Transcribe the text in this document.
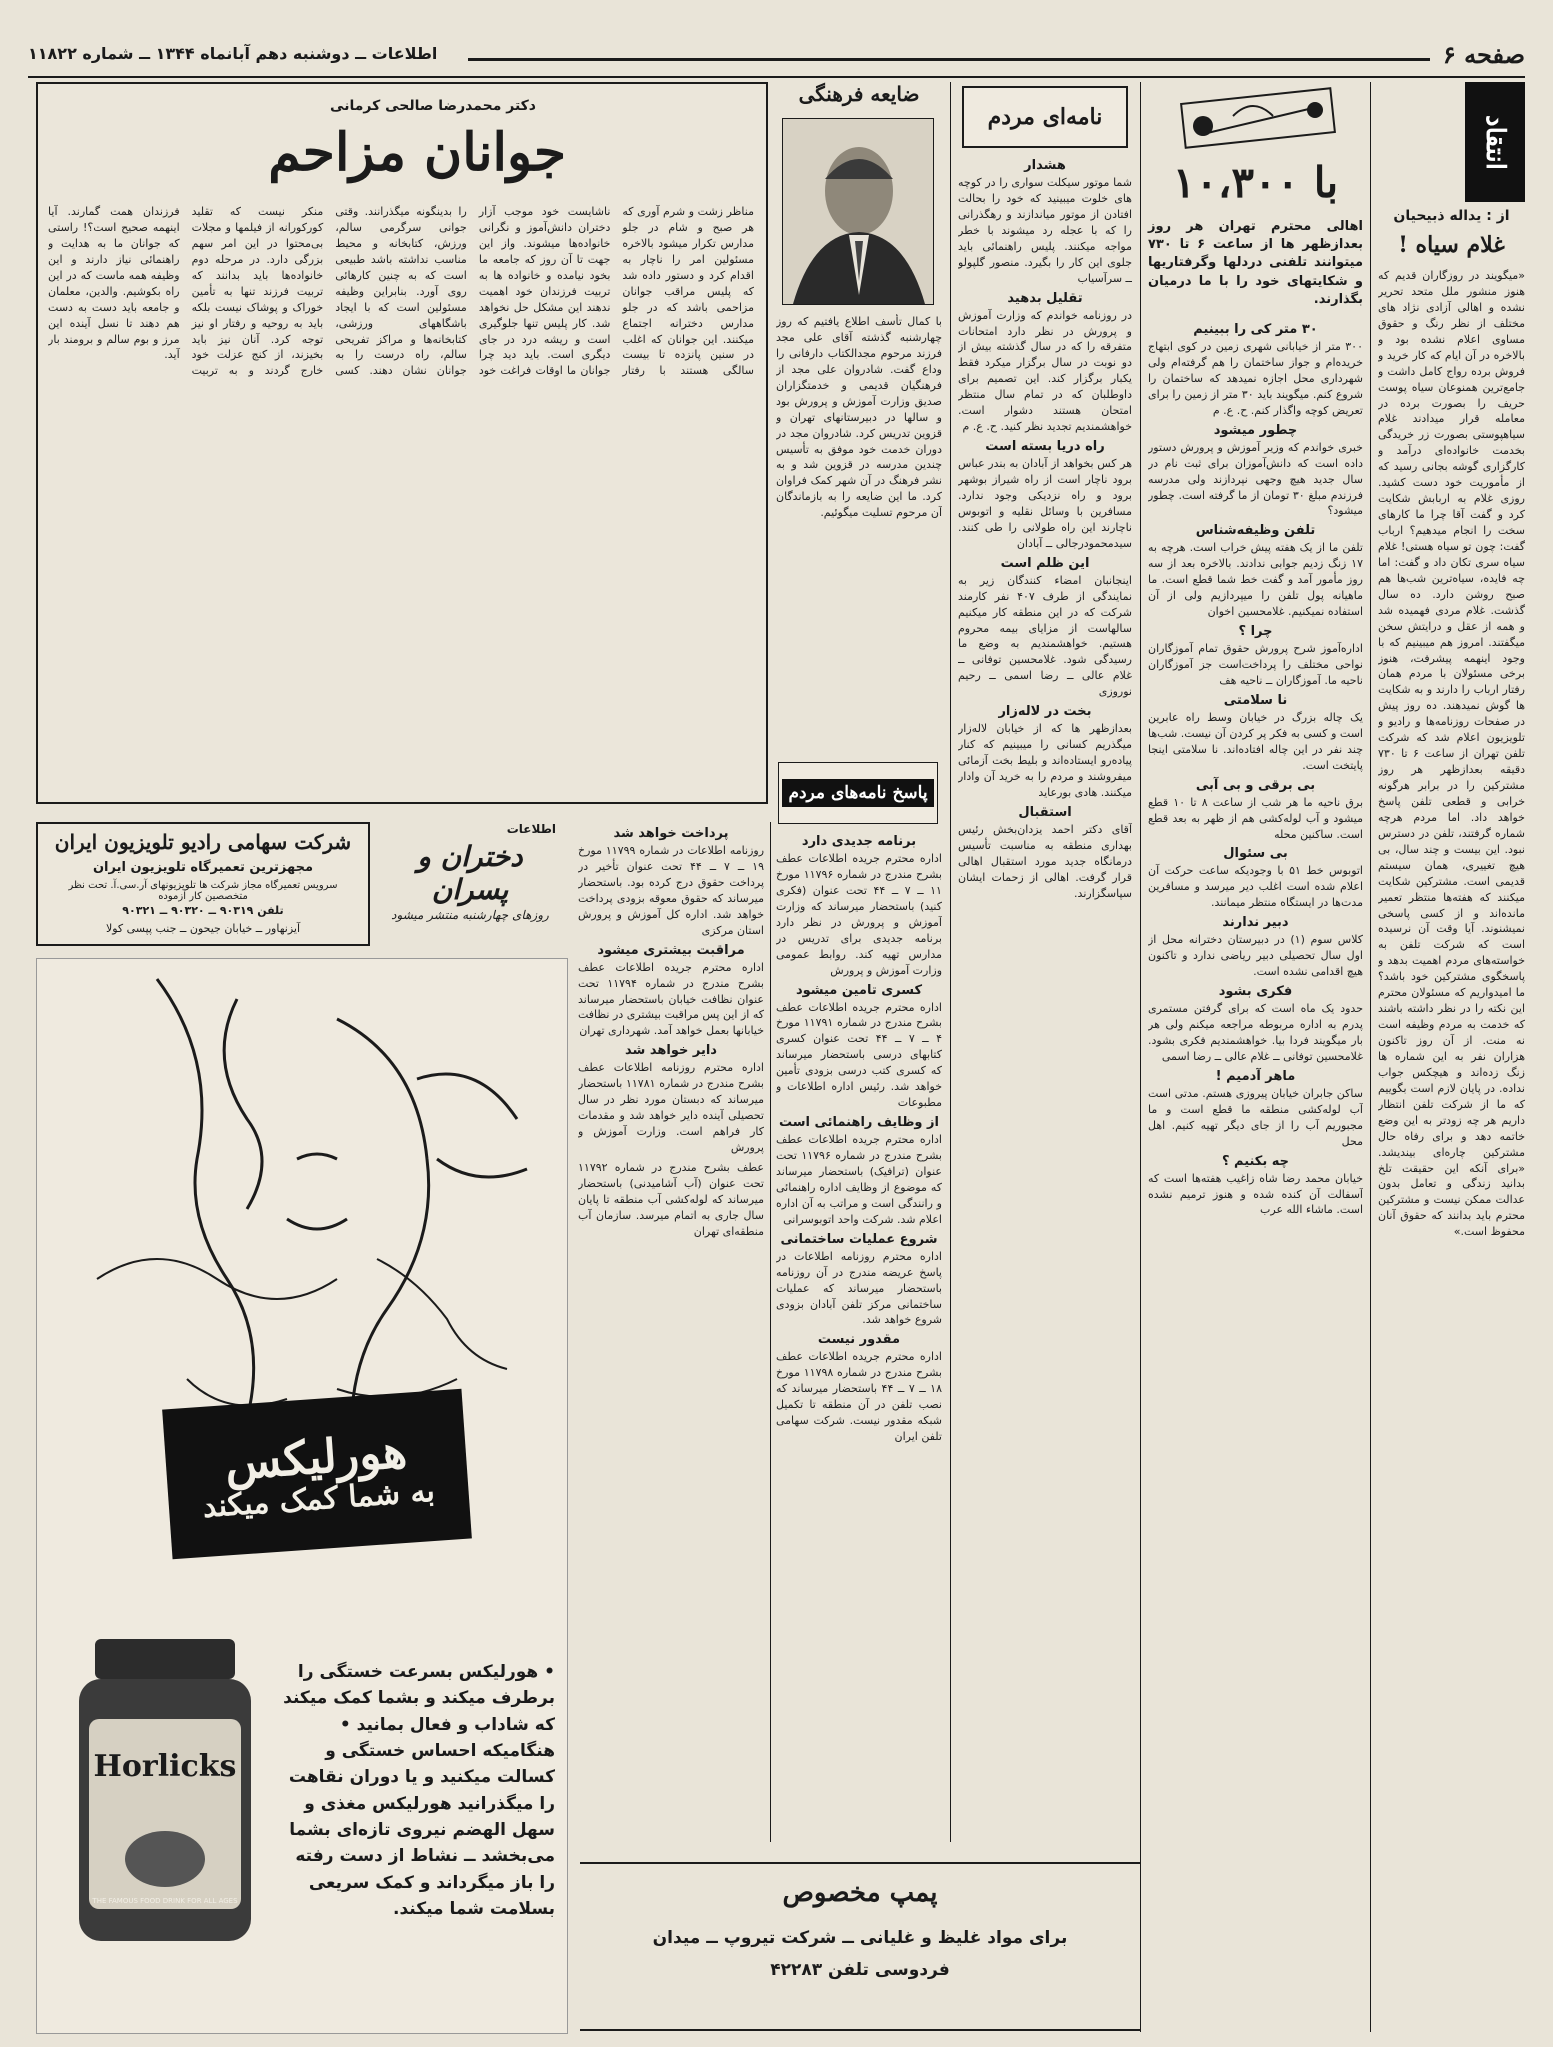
صفحه ۶
اطلاعات ــ دوشنبه دهم آبانماه ۱۳۴۴ ــ شماره ۱۱۸۲۲
انتقاد
از : یداله ذبیحیان
غلام سیاه !
«میگویند در روزگاران قدیم که هنوز منشور ملل متحد تحریر نشده و اهالی آزادی نژاد های مختلف از نظر رنگ و حقوق مساوی اعلام نشده بود و بالاخره در آن ایام که کار خرید و فروش برده رواج کامل داشت و جامع‌ترین همنوعان سیاه پوست حریف را بصورت برده در معامله قرار میدادند غلام سیاهپوستی بصورت زر خریدگی بخدمت خانواده‌ای درآمد و کارگزاری گوشه بجانی رسید که از مأموریت خود دست کشید. روزی غلام به اربابش شکایت کرد و گفت آقا چرا ما کارهای سخت را انجام میدهیم؟ ارباب گفت: چون تو سیاه هستی! غلام سیاه سری تکان داد و گفت: اما چه فایده، سیاه‌ترین شب‌ها هم صبح روشن دارد. ده سال گذشت. غلام مردی فهمیده شد و همه از عقل و درایتش سخن میگفتند. امروز هم میبینیم که با وجود اینهمه پیشرفت، هنوز برخی مسئولان با مردم همان رفتار ارباب را دارند و به شکایت ها گوش نمیدهند. ده روز پیش در صفحات روزنامه‌ها و رادیو و تلویزیون اعلام شد که شرکت تلفن تهران از ساعت ۶ تا ۷۳۰ دقیقه بعدازظهر هر روز مشترکین را در برابر هرگونه خرابی و قطعی تلفن پاسخ خواهد داد. اما مردم هرچه شماره گرفتند، تلفن در دسترس نبود. این بیست و چند سال، بی هیچ تغییری، همان سیستم قدیمی است. مشترکین شکایت میکنند که هفته‌ها منتظر تعمیر مانده‌اند و از کسی پاسخی نمیشنوند. آیا وقت آن نرسیده است که شرکت تلفن به خواسته‌های مردم اهمیت بدهد و پاسخگوی مشترکین خود باشد؟ ما امیدواریم که مسئولان محترم این نکته را در نظر داشته باشند که خدمت به مردم وظیفه است نه منت. از آن روز تاکنون هزاران نفر به این شماره ها زنگ زده‌اند و هیچکس جواب نداده. در پایان لازم است بگوییم که ما از شرکت تلفن انتظار داریم هر چه زودتر به این وضع خاتمه دهد و برای رفاه حال مشترکین چاره‌ای بیندیشد. «برای آنکه این حقیقت تلخ بدانید زندگی و تعامل بدون عدالت ممکن نیست و مشترکین محترم باید بدانند که حقوق آنان محفوظ است.»
با ۱۰،۳۰۰
اهالی محترم تهران هر روز بعدازظهر ها از ساعت ۶ تا ۷۳۰ میتوانند تلفنی دردلها وگرفتاریها و شکایتهای خود را با ما درمیان بگذارند.
۳۰ متر کی را ببینیم
۳۰۰ متر از خیابانی شهری زمین در کوی ابتهاج خریده‌ام و جواز ساختمان را هم گرفته‌ام ولی شهرداری محل اجازه نمیدهد که ساختمان را شروع کنم. میگویند باید ۳۰ متر از زمین را برای تعریض کوچه واگذار کنم. ح. ع. م
چطور میشود
خبری خواندم که وزیر آموزش و پرورش دستور داده است که دانش‌آموزان برای ثبت نام در سال جدید هیچ وجهی نپردازند ولی مدرسه فرزندم مبلغ ۳۰ تومان از ما گرفته است. چطور میشود؟
تلفن وظیفه‌شناس
تلفن ما از یک هفته پیش خراب است. هرچه به ۱۷ زنگ زدیم جوابی ندادند. بالاخره بعد از سه روز مأمور آمد و گفت خط شما قطع است. ما ماهیانه پول تلفن را میپردازیم ولی از آن استفاده نمیکنیم. غلامحسین اخوان
چرا ؟
اداره‌آموز شرح پرورش حقوق تمام آموزگاران نواحی مختلف را پرداخت‌است جز آموزگاران ناحیه ما. آموزگاران ــ ناحیه هف
نا سلامتی
یک چاله بزرگ در خیابان وسط راه عابرین است و کسی به فکر پر کردن آن نیست. شب‌ها چند نفر در این چاله افتاده‌اند. نا سلامتی اینجا پایتخت است.
بی برقی و بی آبی
برق ناحیه ما هر شب از ساعت ۸ تا ۱۰ قطع میشود و آب لوله‌کشی هم از ظهر به بعد قطع است. ساکنین محله
بی سئوال
اتوبوس خط ۵۱ با وجودیکه ساعت حرکت آن اعلام شده است اغلب دیر میرسد و مسافرین مدت‌ها در ایستگاه منتظر میمانند.
دبیر ندارند
کلاس سوم (۱) در دبیرستان دخترانه محل از اول سال تحصیلی دبیر ریاضی ندارد و تاکنون هیچ اقدامی نشده است.
فکری بشود
حدود یک ماه است که برای گرفتن مستمری پدرم به اداره مربوطه مراجعه میکنم ولی هر بار میگویند فردا بیا. خواهشمندیم فکری بشود. غلامحسین توفانی ــ غلام عالی ــ رضا اسمی
ماهر آدمیم !
ساکن جابران خیابان پیروزی هستم. مدتی است آب لوله‌کشی منطقه ما قطع است و ما مجبوریم آب را از جای دیگر تهیه کنیم. اهل محل
چه بکنیم ؟
خیابان محمد رضا شاه زاغیب هفته‌ها است که آسفالت آن کنده شده و هنوز ترمیم نشده است. ماشاء الله عرب
نامه‌ای مردم
هشدار
شما موتور سیکلت سواری را در کوچه های خلوت میبینید که خود را بحالت افتادن از موتور میاندازند و رهگذرانی را که با عجله رد میشوند با خطر مواجه میکنند. پلیس راهنمائی باید جلوی این کار را بگیرد. منصور گلپولو ــ سرآسیاب
تقلیل بدهید
در روزنامه خواندم که وزارت آموزش و پرورش در نظر دارد امتحانات متفرقه را که در سال گذشته بیش از دو نوبت در سال برگزار میکرد فقط یکبار برگزار کند. این تصمیم برای داوطلبان که در تمام سال منتظر امتحان هستند دشوار است. خواهشمندیم تجدید نظر کنید. ح. ع. م
راه دریا بسته است
هر کس بخواهد از آبادان به بندر عباس برود ناچار است از راه شیراز بوشهر برود و راه نزدیکی وجود ندارد. مسافرین با وسائل نقلیه و اتوبوس ناچارند این راه طولانی را طی کنند. سیدمحمودرجالی ــ آبادان
این ظلم است
اینجانبان امضاء کنندگان زیر به نمایندگی از طرف ۴۰۷ نفر کارمند شرکت که در این منطقه کار میکنیم سالهاست از مزایای بیمه محروم هستیم. خواهشمندیم به وضع ما رسیدگی شود. غلامحسین توفانی ــ غلام عالی ــ رضا اسمی ــ رحیم نوروزی
بخت در لاله‌زار
بعدازظهر ها که از خیابان لاله‌زار میگذریم کسانی را میبینیم که کنار پیاده‌رو ایستاده‌اند و بلیط بخت آزمائی میفروشند و مردم را به خرید آن وادار میکنند. هادی بورعاید
استقبال
آقای دکتر احمد یزدان‌بخش رئیس بهداری منطقه به مناسبت تأسیس درمانگاه جدید مورد استقبال اهالی قرار گرفت. اهالی از زحمات ایشان سپاسگزارند.
ضایعه فرهنگی
با کمال تأسف اطلاع یافتیم که روز چهارشنبه گذشته آقای علی مجد فرزند مرحوم مجدالکتاب دارفانی را وداع گفت. شادروان علی مجد از فرهنگیان قدیمی و خدمتگزاران صدیق وزارت آموزش و پرورش بود و سالها در دبیرستانهای تهران و قزوین تدریس کرد. شادروان مجد در دوران خدمت خود موفق به تأسیس چندین مدرسه در قزوین شد و به نشر فرهنگ در آن شهر کمک فراوان کرد. ما این ضایعه را به بازماندگان آن مرحوم تسلیت میگوئیم.
پاسخ نامه‌های مردم
برنامه جدیدی دارد
اداره محترم جریده اطلاعات عطف بشرح مندرج در شماره ۱۱۷۹۶ مورخ ۱۱ ــ ۷ ــ ۴۴ تحت عنوان (فکری کنید) باستحضار میرساند که وزارت آموزش و پرورش در نظر دارد برنامه جدیدی برای تدریس در مدارس تهیه کند. روابط عمومی وزارت آموزش و پرورش
کسری تامین میشود
اداره محترم جریده اطلاعات عطف بشرح مندرج در شماره ۱۱۷۹۱ مورخ ۴ ــ ۷ ــ ۴۴ تحت عنوان کسری کتابهای درسی باستحضار میرساند که کسری کتب درسی بزودی تأمین خواهد شد. رئیس اداره اطلاعات و مطبوعات
از وظایف راهنمائی است
اداره محترم جریده اطلاعات عطف بشرح مندرج در شماره ۱۱۷۹۶ تحت عنوان (ترافیک) باستحضار میرساند که موضوع از وظایف اداره راهنمائی و رانندگی است و مراتب به آن اداره اعلام شد. شرکت واحد اتوبوسرانی
شروع عملیات ساختمانی
اداره محترم روزنامه اطلاعات در پاسخ عریضه مندرج در آن روزنامه باستحضار میرساند که عملیات ساختمانی مرکز تلفن آبادان بزودی شروع خواهد شد.
مقدور نیست
اداره محترم جریده اطلاعات عطف بشرح مندرج در شماره ۱۱۷۹۸ مورخ ۱۸ ــ ۷ ــ ۴۴ باستحضار میرساند که نصب تلفن در آن منطقه تا تکمیل شبکه مقدور نیست. شرکت سهامی تلفن ایران
دکتر محمدرضا صالحی کرمانی
جوانان مزاحم
مناظر زشت و شرم آوری که هر صبح و شام در جلو مدارس تکرار میشود بالاخره مسئولین امر را ناچار به اقدام کرد و دستور داده شد که پلیس مراقب جوانان مزاحمی باشد که در جلو مدارس دخترانه اجتماع میکنند. این جوانان که اغلب در سنین پانزده تا بیست سالگی هستند با رفتار ناشایست خود موجب آزار دختران دانش‌آموز و نگرانی خانواده‌ها میشوند. واز این جهت تا آن روز که جامعه ما بخود نیامده و خانواده ها به تربیت فرزندان خود اهمیت ندهند این مشکل حل نخواهد شد. کار پلیس تنها جلوگیری است و ریشه درد در جای دیگری است. باید دید چرا جوانان ما اوقات فراغت خود را بدینگونه میگذرانند. وقتی جوانی سرگرمی سالم، ورزش، کتابخانه و محیط مناسب نداشته باشد طبیعی است که به چنین کارهائی روی آورد. بنابراین وظیفه مسئولین است که با ایجاد باشگاههای ورزشی، کتابخانه‌ها و مراکز تفریحی سالم، راه درست را به جوانان نشان دهند. کسی منکر نیست که تقلید کورکورانه از فیلمها و مجلات بی‌محتوا در این امر سهم بزرگی دارد. در مرحله دوم خانواده‌ها باید بدانند که تربیت فرزند تنها به تأمین خوراک و پوشاک نیست بلکه باید به روحیه و رفتار او نیز توجه کرد. آنان نیز باید بخیزند، از کنج عزلت خود خارج گردند و به تربیت فرزندان همت گمارند. آیا اینهمه صحیح است؟! راستی که جوانان ما به هدایت و راهنمائی نیاز دارند و این وظیفه همه ماست که در این راه بکوشیم. والدین، معلمان و جامعه باید دست به دست هم دهند تا نسل آینده این مرز و بوم سالم و برومند بار آید.
شرکت سهامی رادیو تلویزیون ایران
مجهزترین تعمیرگاه تلویزیون ایران
سرویس تعمیرگاه مجاز شرکت ها تلویزیونهای آر.سی.آ. تحت نظر متخصصین کار آزموده
تلفن ۹۰۳۱۹ ــ ۹۰۳۲۰ ــ ۹۰۳۲۱
آیزنهاور ــ خیابان جیحون ــ جنب پپسی کولا
اطلاعات
دختران و پسران
روزهای چهارشنبه منتشر میشود
پرداخت خواهد شد
روزنامه اطلاعات در شماره ۱۱۷۹۹ مورخ ۱۹ ــ ۷ ــ ۴۴ تحت عنوان تأخیر در پرداخت حقوق درج کرده بود. باستحضار میرساند که حقوق معوقه بزودی پرداخت خواهد شد. اداره‌ کل آموزش و پرورش استان مرکزی
مراقبت بیشتری میشود
اداره محترم جریده اطلاعات عطف بشرح مندرج در شماره ۱۱۷۹۴ تحت عنوان نظافت خیابان باستحضار میرساند که از این پس مراقبت بیشتری در نظافت خیابانها بعمل خواهد آمد. شهرداری تهران
دایر خواهد شد
اداره محترم روزنامه اطلاعات عطف بشرح مندرج در شماره ۱۱۷۸۱ باستحضار میرساند که دبستان مورد نظر در سال تحصیلی آینده دایر خواهد شد و مقدمات کار فراهم است. وزارت آموزش و پرورش
عطف بشرح مندرج در شماره ۱۱۷۹۲ تحت عنوان (آب آشامیدنی) باستحضار میرساند که لوله‌کشی آب منطقه تا پایان سال جاری به اتمام میرسد. سازمان آب منطقه‌ای تهران
هورلیکس
به شما کمک میکند
Horlicks
THE FAMOUS FOOD DRINK FOR ALL AGES
• هورلیکس بسرعت خستگی را برطرف میکند و بشما کمک میکند که شاداب و فعال بمانید • هنگامیکه احساس خستگی و کسالت میکنید و یا دوران نقاهت را میگذرانید هورلیکس مغذی و سهل الهضم نیروی تازه‌ای بشما می‌بخشد ــ نشاط از دست رفته را باز میگرداند و کمک سریعی بسلامت شما میکند.
پمپ مخصوص
برای مواد غلیظ و غلیانی ــ شرکت تیروپ ــ میدان
فردوسی تلفن ۴۲۲۸۳
